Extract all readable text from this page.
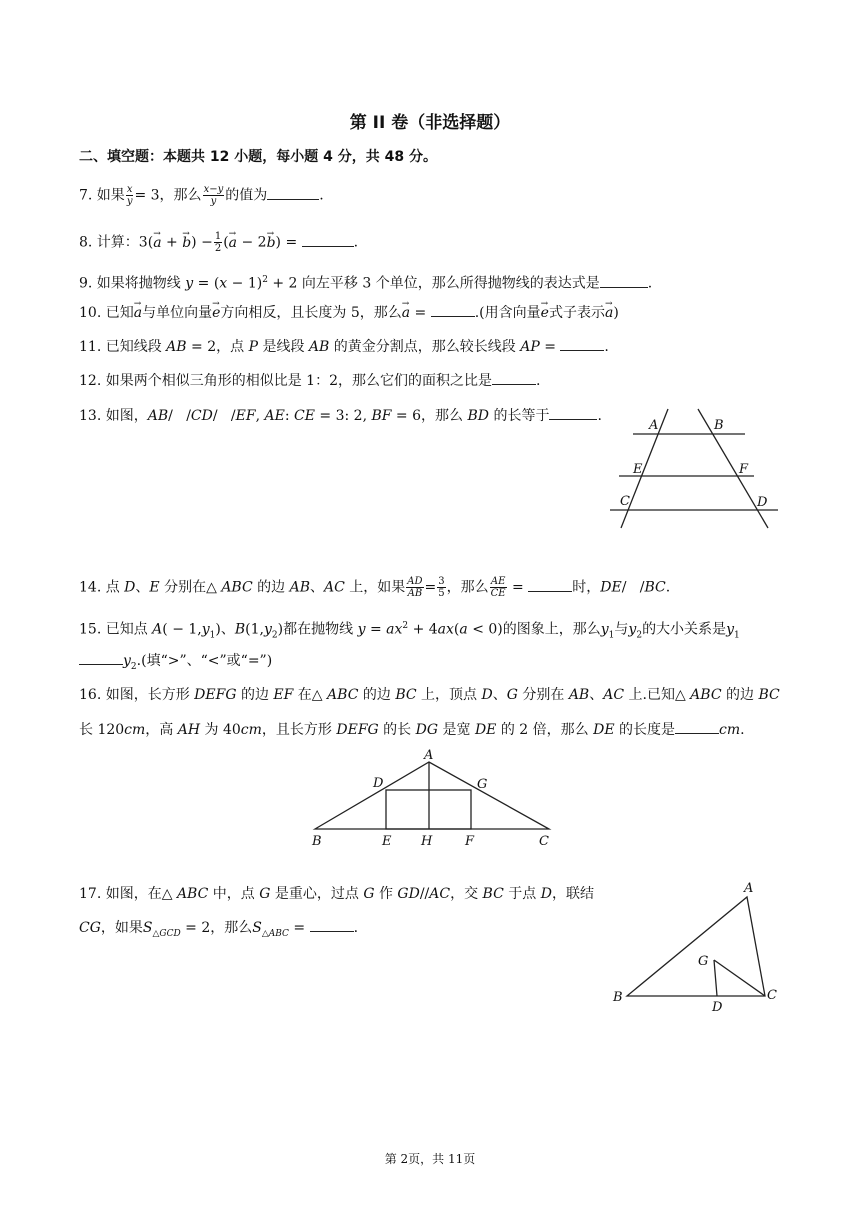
第 II 卷（非选择题）
二、填空题：本题共 12 小题，每小题 4 分，共 48 分。
7. 如果 $\frac{x}{y} = 3$，那么 $\frac{x-y}{y}$ 的值为	.
8. 计算：3(→ a + → $b) - \frac{1}{2}$ (→ a − 2→ b) =	.
9. 如果将抛物线 $y = (x - 1)^2 + 2$ 向左平移 3 个单位，那么所得抛物线的表达式是	.
10. 已知→ a与单位向量→ e方向相反，且长度为 5，那么→ a =	.(用含向量→ e式子表示→ a)
11. 已知线段 AB = 2，点 P 是线段 AB 的黄金分割点，那么较长线段 AP =	.
12. 如果两个相似三角形的相似比是 1：2，那么它们的面积之比是	.
13. 如图，AB/   /CD/   /EF, AE: CE = 3: 2, BF = 6，那么 BD 的长等于	.
A	B
E	F
C	D
14. 点 D、E 分别在△ ABC 的边 AB、AC 上，如果 $\frac{AD}{AB} = \frac{3}{5}$ ，那么 $\frac{AE}{CE}$ =	时，DE/   /BC.
15. 已知点 $A( - 1,y_1)$、$B(1,y_2)$都在抛物线 $y = ax^2 + 4ax(a < 0)$的图象上，那么$y_1$与$y_2$的大小关系是$y_1$
$y_2$.(填“>”、“<”或“=”)
16. 如图，长方形 DEFG 的边 EF 在△ ABC 的边 BC 上，顶点 D、G 分别在 AB、AC 上.已知△ ABC 的边 BC
长 120cm，高 AH 为 40cm，且长方形 DEFG 的长 DG 是宽 DE 的 2 倍，那么 DE 的长度是	cm.
A
D	G
B	E H	F	C
17. 如图，在△ ABC 中，点 G 是重心，过点 G 作 GD//AC，交 BC 于点 D，联结
CG，如果$S_{\triangle GCD} = 2$，那么$S_{\triangle ABC}$ =	.
A
G
B
D
C
第 2页，共 11页
